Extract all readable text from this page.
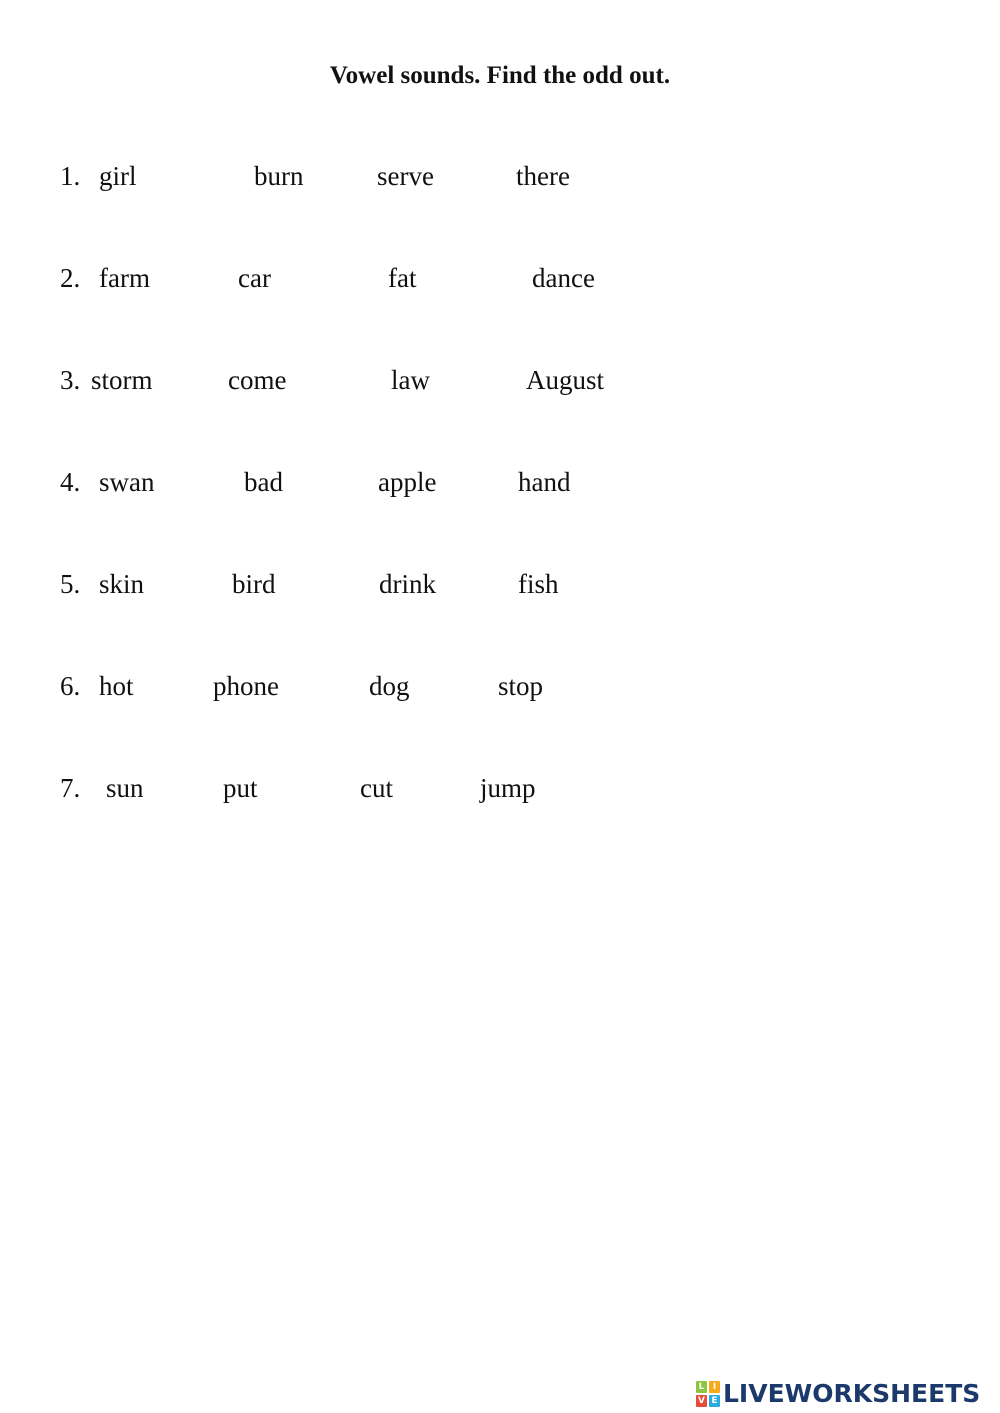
Vowel sounds. Find the odd out.
1. girl	burn	serve	there
2. farm	car	fat	dance
3. storm	come	law	August
4. swan	bad	apple	hand
5. skin	bird	drink	fish
6. hot	phone	dog	stop
7. sun	put	cut	jump
L I
V E LIVEWORKSHEETS
